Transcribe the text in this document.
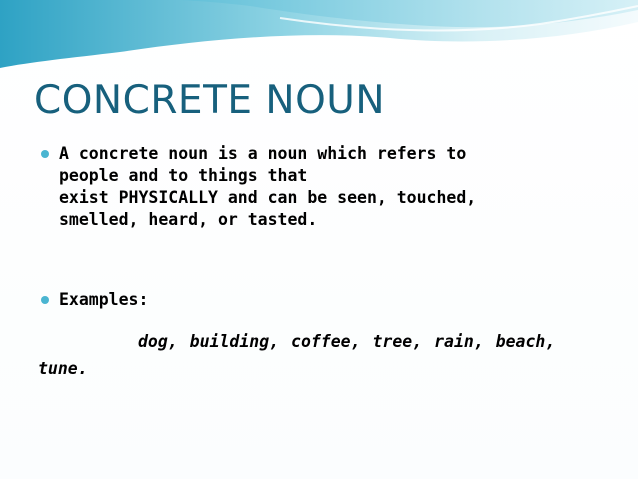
CONCRETE NOUN

A concrete noun is a noun which refers to
people and to things that
exist PHYSICALLY and can be seen, touched,
smelled, heard, or tasted.

Examples:

dog, building, coffee, tree, rain, beach, tune.
